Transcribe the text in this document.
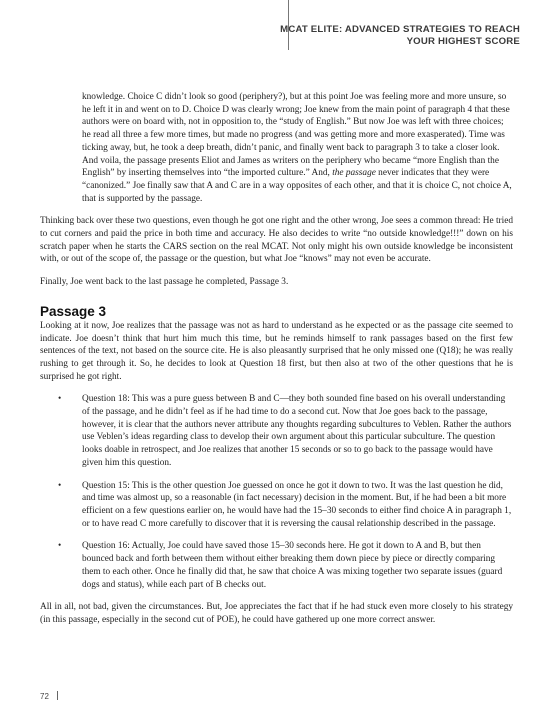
MCAT ELITE: ADVANCED STRATEGIES TO REACH
YOUR HIGHEST SCORE

knowledge. Choice C didn’t look so good (periphery?), but at this point Joe was feeling more and more unsure, so he left it in and went on to D. Choice D was clearly wrong; Joe knew from the main point of paragraph 4 that these authors were on board with, not in opposition to, the “study of English.” But now Joe was left with three choices; he read all three a few more times, but made no progress (and was getting more and more exasperated). Time was ticking away, but, he took a deep breath, didn’t panic, and finally went back to paragraph 3 to take a closer look. And voila, the passage presents Eliot and James as writers on the periphery who became “more English than the English” by inserting themselves into “the imported culture.” And, the passage never indicates that they were “canonized.” Joe finally saw that A and C are in a way opposites of each other, and that it is choice C, not choice A, that is supported by the passage.

Thinking back over these two questions, even though he got one right and the other wrong, Joe sees a common thread: He tried to cut corners and paid the price in both time and accuracy. He also decides to write “no outside knowledge!!!” down on his scratch paper when he starts the CARS section on the real MCAT. Not only might his own outside knowledge be inconsistent with, or out of the scope of, the passage or the question, but what Joe “knows” may not even be accurate.

Finally, Joe went back to the last passage he completed, Passage 3.

Passage 3

Looking at it now, Joe realizes that the passage was not as hard to understand as he expected or as the passage cite seemed to indicate. Joe doesn’t think that hurt him much this time, but he reminds himself to rank passages based on the first few sentences of the text, not based on the source cite. He is also pleasantly surprised that he only missed one (Q18); he was really rushing to get through it. So, he decides to look at Question 18 first, but then also at two of the other questions that he is surprised he got right.

• Question 18: This was a pure guess between B and C—they both sounded fine based on his overall understanding of the passage, and he didn’t feel as if he had time to do a second cut. Now that Joe goes back to the passage, however, it is clear that the authors never attribute any thoughts regarding subcultures to Veblen. Rather the authors use Veblen’s ideas regarding class to develop their own argument about this particular subculture. The question looks doable in retrospect, and Joe realizes that another 15 seconds or so to go back to the passage would have given him this question.
• Question 15: This is the other question Joe guessed on once he got it down to two. It was the last question he did, and time was almost up, so a reasonable (in fact necessary) decision in the moment. But, if he had been a bit more efficient on a few questions earlier on, he would have had the 15–30 seconds to either find choice A in paragraph 1, or to have read C more carefully to discover that it is reversing the causal relationship described in the passage.
• Question 16: Actually, Joe could have saved those 15–30 seconds here. He got it down to A and B, but then bounced back and forth between them without either breaking them down piece by piece or directly comparing them to each other. Once he finally did that, he saw that choice A was mixing together two separate issues (guard dogs and status), while each part of B checks out.

All in all, not bad, given the circumstances. But, Joe appreciates the fact that if he had stuck even more closely to his strategy (in this passage, especially in the second cut of POE), he could have gathered up one more correct answer.

72
